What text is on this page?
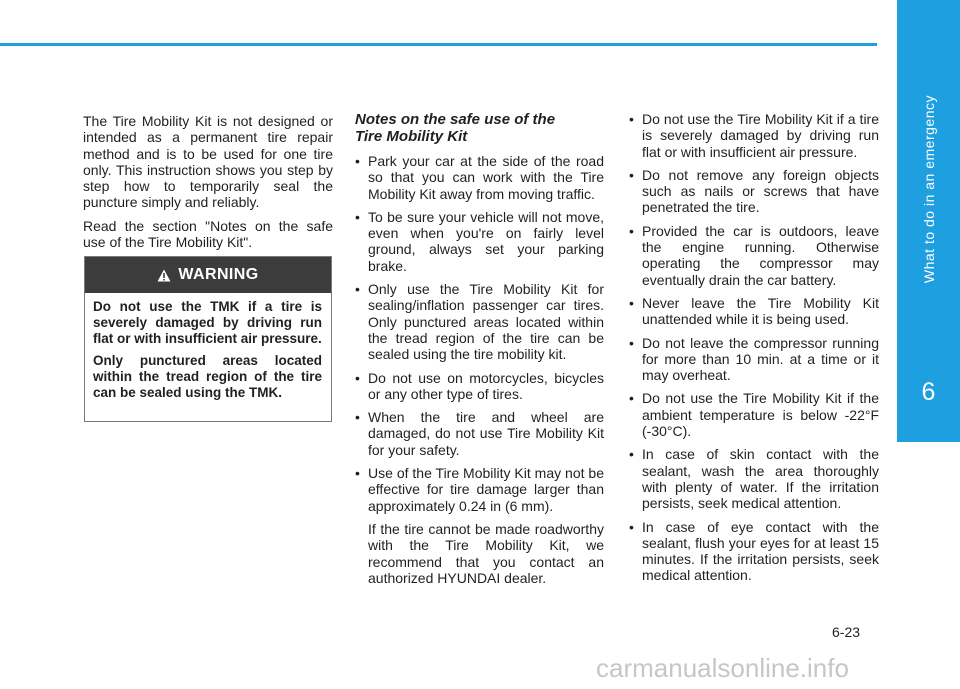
What to do in an emergency
6

The Tire Mobility Kit is not designed or intended as a permanent tire repair method and is to be used for one tire only. This instruction shows you step by step how to temporarily seal the puncture simply and reliably.

Read the section "Notes on the safe use of the Tire Mobility Kit".

WARNING

Do not use the TMK if a tire is severely damaged by driving run flat or with insufficient air pressure.

Only punctured areas located within the tread region of the tire can be sealed using the TMK.

Notes on the safe use of the Tire Mobility Kit
• Park your car at the side of the road so that you can work with the Tire Mobility Kit away from moving traffic.

• To be sure your vehicle will not move, even when you're on fairly level ground, always set your parking brake.

• Only use the Tire Mobility Kit for sealing/inflation passenger car tires. Only punctured areas located within the tread region of the tire can be sealed using the tire mobility kit.

• Do not use on motorcycles, bicycles or any other type of tires.

• When the tire and wheel are damaged, do not use Tire Mobility Kit for your safety.

• Use of the Tire Mobility Kit may not be effective for tire damage larger than approximately 0.24 in (6 mm).

If the tire cannot be made roadworthy with the Tire Mobility Kit, we recommend that you contact an authorized HYUNDAI dealer.

• Do not use the Tire Mobility Kit if a tire is severely damaged by driving run flat or with insufficient air pressure.

• Do not remove any foreign objects such as nails or screws that have penetrated the tire.

• Provided the car is outdoors, leave the engine running. Otherwise operating the compressor may eventually drain the car battery.

• Never leave the Tire Mobility Kit unattended while it is being used.

• Do not leave the compressor running for more than 10 min. at a time or it may overheat.

• Do not use the Tire Mobility Kit if the ambient temperature is below -22°F (-30°C).

• In case of skin contact with the sealant, wash the area thoroughly with plenty of water. If the irritation persists, seek medical attention.

• In case of eye contact with the sealant, flush your eyes for at least 15 minutes. If the irritation persists, seek medical attention.

6-23
carmanualsonline.info
